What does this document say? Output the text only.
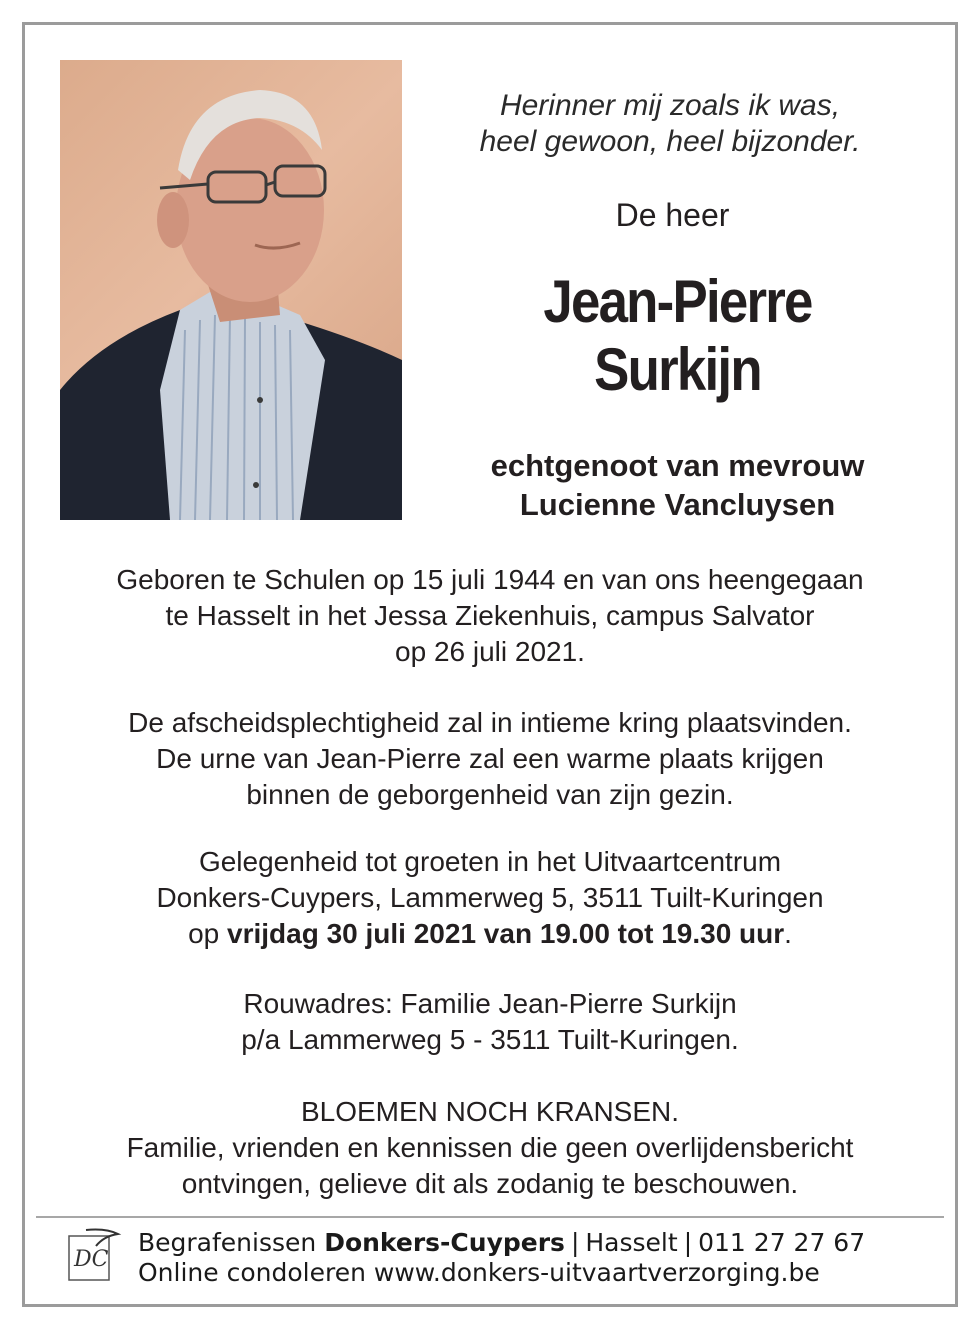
Herinner mij zoals ik was,
heel gewoon, heel bijzonder.
De heer
Jean-Pierre
Surkijn
echtgenoot van mevrouw
Lucienne Vancluysen
Geboren te Schulen op 15 juli 1944 en van ons heengegaan
te Hasselt in het Jessa Ziekenhuis, campus Salvator
op 26 juli 2021.
De afscheidsplechtigheid zal in intieme kring plaatsvinden.
De urne van Jean-Pierre zal een warme plaats krijgen
binnen de geborgenheid van zijn gezin.
Gelegenheid tot groeten in het Uitvaartcentrum
Donkers-Cuypers, Lammerweg 5, 3511 Tuilt-Kuringen
op vrijdag 30 juli 2021 van 19.00 tot 19.30 uur.
Rouwadres: Familie Jean-Pierre Surkijn
p/a Lammerweg 5 - 3511 Tuilt-Kuringen.
BLOEMEN NOCH KRANSEN.
Familie, vrienden en kennissen die geen overlijdensbericht
ontvingen, gelieve dit als zodanig te beschouwen.
DC
Begrafenissen Donkers-Cuypers | Hasselt | 011 27 27 67
Online condoleren www.donkers-uitvaartverzorging.be
